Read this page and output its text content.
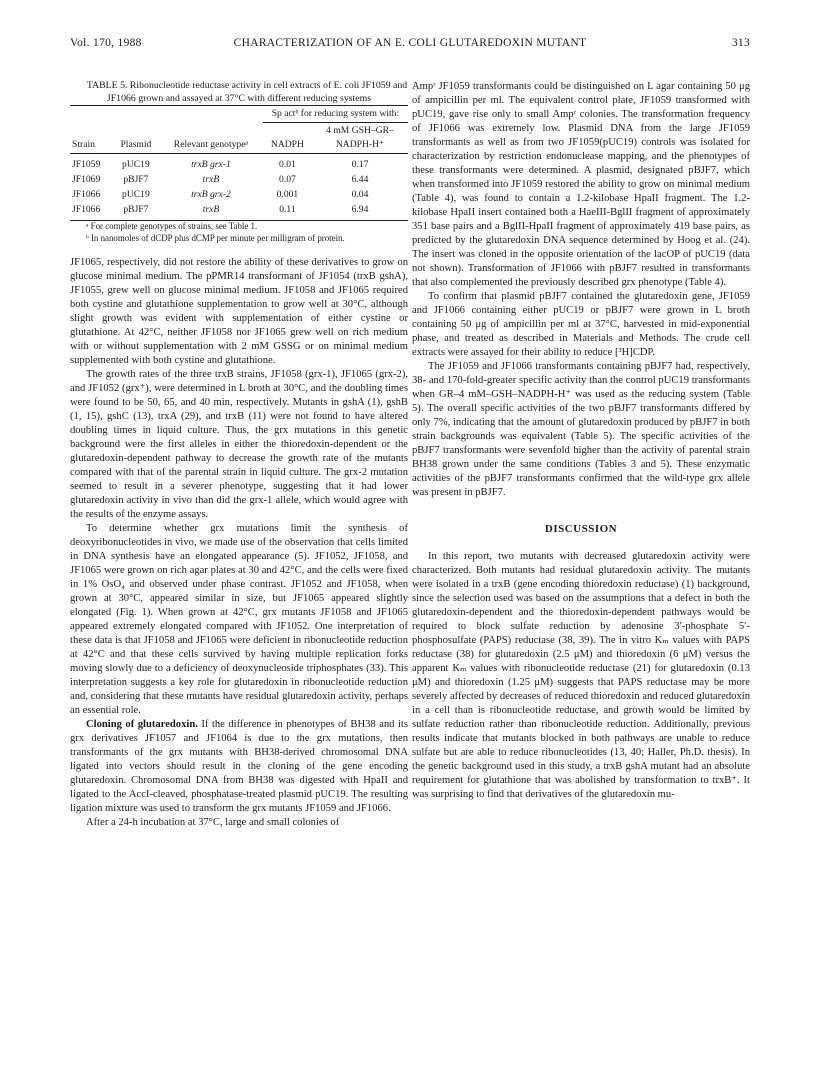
Vol. 170, 1988	CHARACTERIZATION OF AN E. COLI GLUTAREDOXIN MUTANT	313

TABLE 5. Ribonucleotide reductase activity in cell extracts of E. coli JF1059 and JF1066 grown and assayed at 37°C with different reducing systems

Strain	Plasmid	Relevant genotypeᵃ	Sp actᵇ for reducing system with:	
			NADPH	4 mM GSH–GR–NADPH-H⁺
JF1059	pUC19	trxB grx-1	0.01	0.17
JF1069	pBJF7	trxB	0.07	6.44
JF1066	pUC19	trxB grx-2	0.001	0.04
JF1066	pBJF7	trxB	0.11	6.94

ᵃ For complete genotypes of strains, see Table 1.

ᵇ In nanomoles of dCDP plus dCMP per minute per milligram of protein.

JF1065, respectively, did not restore the ability of these derivatives to grow on glucose minimal medium. The pPMR14 transformant of JF1054 (trxB gshA), JF1055, grew well on glucose minimal medium. JF1058 and JF1065 required both cystine and glutathione supplementation to grow well at 30°C, although slight growth was evident with supplementation of either cystine or glutathione. At 42°C, neither JF1058 nor JF1065 grew well on rich medium with or without supplementation with 2 mM GSSG or on minimal medium supplemented with both cystine and glutathione.

The growth rates of the three trxB strains, JF1058 (grx-1), JF1065 (grx-2), and JF1052 (grx⁺), were determined in L broth at 30°C, and the doubling times were found to be 50, 65, and 40 min, respectively. Mutants in gshA (1), gshB (1, 15), gshC (13), trxA (29), and trxB (11) were not found to have altered doubling times in liquid culture. Thus, the grx mutations in this genetic background were the first alleles in either the thioredoxin-dependent or the glutaredoxin-dependent pathway to decrease the growth rate of the mutants compared with that of the parental strain in liquid culture. The grx-2 mutation seemed to result in a severer phenotype, suggesting that it had lower glutaredoxin activity in vivo than did the grx-1 allele, which would agree with the results of the enzyme assays.

To determine whether grx mutations limit the synthesis of deoxyribonucleotides in vivo, we made use of the observation that cells limited in DNA synthesis have an elongated appearance (5). JF1052, JF1058, and JF1065 were grown on rich agar plates at 30 and 42°C, and the cells were fixed in 1% OsO₄ and observed under phase contrast. JF1052 and JF1058, when grown at 30°C, appeared similar in size, but JF1065 appeared slightly elongated (Fig. 1). When grown at 42°C, grx mutants JF1058 and JF1065 appeared extremely elongated compared with JF1052. One interpretation of these data is that JF1058 and JF1065 were deficient in ribonucleotide reduction at 42°C and that these cells survived by having multiple replication forks moving slowly due to a deficiency of deoxynucleoside triphosphates (33). This interpretation suggests a key role for glutaredoxin in ribonucleotide reduction and, considering that these mutants have residual glutaredoxin activity, perhaps an essential role.

Cloning of glutaredoxin. If the difference in phenotypes of BH38 and its grx derivatives JF1057 and JF1064 is due to the grx mutations, then transformants of the grx mutants with BH38-derived chromosomal DNA ligated into vectors should result in the cloning of the gene encoding glutaredoxin. Chromosomal DNA from BH38 was digested with HpaII and ligated to the AccI-cleaved, phosphatase-treated plasmid pUC19. The resulting ligation mixture was used to transform the grx mutants JF1059 and JF1066.

After a 24-h incubation at 37°C, large and small colonies of

Ampʳ JF1059 transformants could be distinguished on L agar containing 50 μg of ampicillin per ml. The equivalent control plate, JF1059 transformed with pUC19, gave rise only to small Ampʳ colonies. The transformation frequency of JF1066 was extremely low. Plasmid DNA from the large JF1059 transformants as well as from two JF1059(pUC19) controls was isolated for characterization by restriction endonuclease mapping, and the phenotypes of these transformants were determined. A plasmid, designated pBJF7, which when transformed into JF1059 restored the ability to grow on minimal medium (Table 4), was found to contain a 1.2-kilobase HpaII fragment. The 1.2-kilobase HpaII insert contained both a HaeIII-BglII fragment of approximately 351 base pairs and a BglII-HpaII fragment of approximately 419 base pairs, as predicted by the glutaredoxin DNA sequence determined by Hoog et al. (24). The insert was cloned in the opposite orientation of the lacOP of pUC19 (data not shown). Transformation of JF1066 with pBJF7 resulted in transformants that also complemented the previously described grx phenotype (Table 4).

To confirm that plasmid pBJF7 contained the glutaredoxin gene, JF1059 and JF1066 containing either pUC19 or pBJF7 were grown in L broth containing 50 μg of ampicillin per ml at 37°C, harvested in mid-exponential phase, and treated as described in Materials and Methods. The crude cell extracts were assayed for their ability to reduce [³H]CDP.

The JF1059 and JF1066 transformants containing pBJF7 had, respectively, 38- and 170-fold-greater specific activity than the control pUC19 transformants when GR–4 mM–GSH–NADPH-H⁺ was used as the reducing system (Table 5). The overall specific activities of the two pBJF7 transformants differed by only 7%, indicating that the amount of glutaredoxin produced by pBJF7 in both strain backgrounds was equivalent (Table 5). The specific activities of the pBJF7 transformants were sevenfold higher than the activity of parental strain BH38 grown under the same conditions (Tables 3 and 5). These enzymatic activities of the pBJF7 transformants confirmed that the wild-type grx allele was present in pBJF7.

DISCUSSION

In this report, two mutants with decreased glutaredoxin activity were characterized. Both mutants had residual glutaredoxin activity. The mutants were isolated in a trxB (gene encoding thioredoxin reductase) (1) background, since the selection used was based on the assumptions that a defect in both the glutaredoxin-dependent and the thioredoxin-dependent pathways would be required to block sulfate reduction by adenosine 3′-phosphate 5′-phosphosulfate (PAPS) reductase (38, 39). The in vitro Kₘ values with PAPS reductase (38) for glutaredoxin (2.5 μM) and thioredoxin (6 μM) versus the apparent Kₘ values with ribonucleotide reductase (21) for glutaredoxin (0.13 μM) and thioredoxin (1.25 μM) suggests that PAPS reductase may be more severely affected by decreases of reduced thioredoxin and reduced glutaredoxin in a cell than is ribonucleotide reductase, and growth would be limited by sulfate reduction rather than ribonucleotide reduction. Additionally, previous results indicate that mutants blocked in both pathways are unable to reduce sulfate but are able to reduce ribonucleotides (13, 40; Haller, Ph.D. thesis). In the genetic background used in this study, a trxB gshA mutant had an absolute requirement for glutathione that was abolished by transformation to trxB⁺. It was surprising to find that derivatives of the glutaredoxin mu-
